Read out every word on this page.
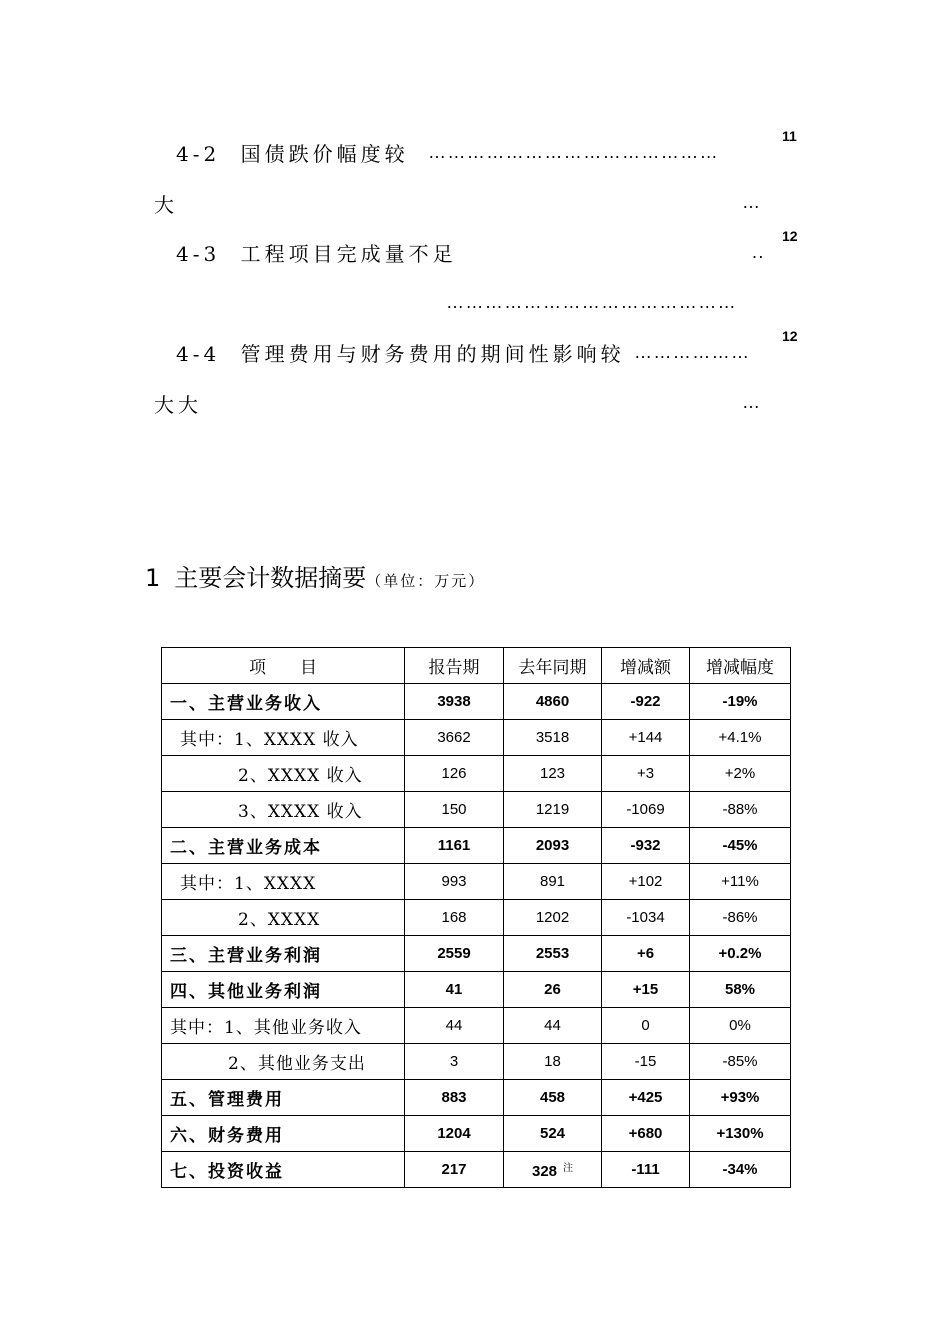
4-2 国债跌价幅度较 ………………………………………
11
大	…
4-3 工程项目完成量不足	..
12
………………………………………
4-4 管理费用与财务费用的期间性影响较 ………………
12
大大	…
1 主要会计数据摘要（单位：万元）
项　　目	报告期	去年同期	增减额	增减幅度
一、主营业务收入	3938	4860	-922	-19%
其中：1、XXXX 收入	3662	3518	+144	+4.1%
2、XXXX 收入	126	123	+3	+2%
3、XXXX 收入	150	1219	-1069	-88%
二、主营业务成本	1161	2093	-932	-45%
其中：1、XXXX	993	891	+102	+11%
2、XXXX	168	1202	-1034	-86%
三、主营业务利润	2559	2553	+6	+0.2%
四、其他业务利润	41	26	+15	58%
其中：1、其他业务收入	44	44	0	0%
2、其他业务支出	3	18	-15	-85%
五、管理费用	883	458	+425	+93%
六、财务费用	1204	524	+680	+130%
七、投资收益	217	328 $^注$	-111	-34%
